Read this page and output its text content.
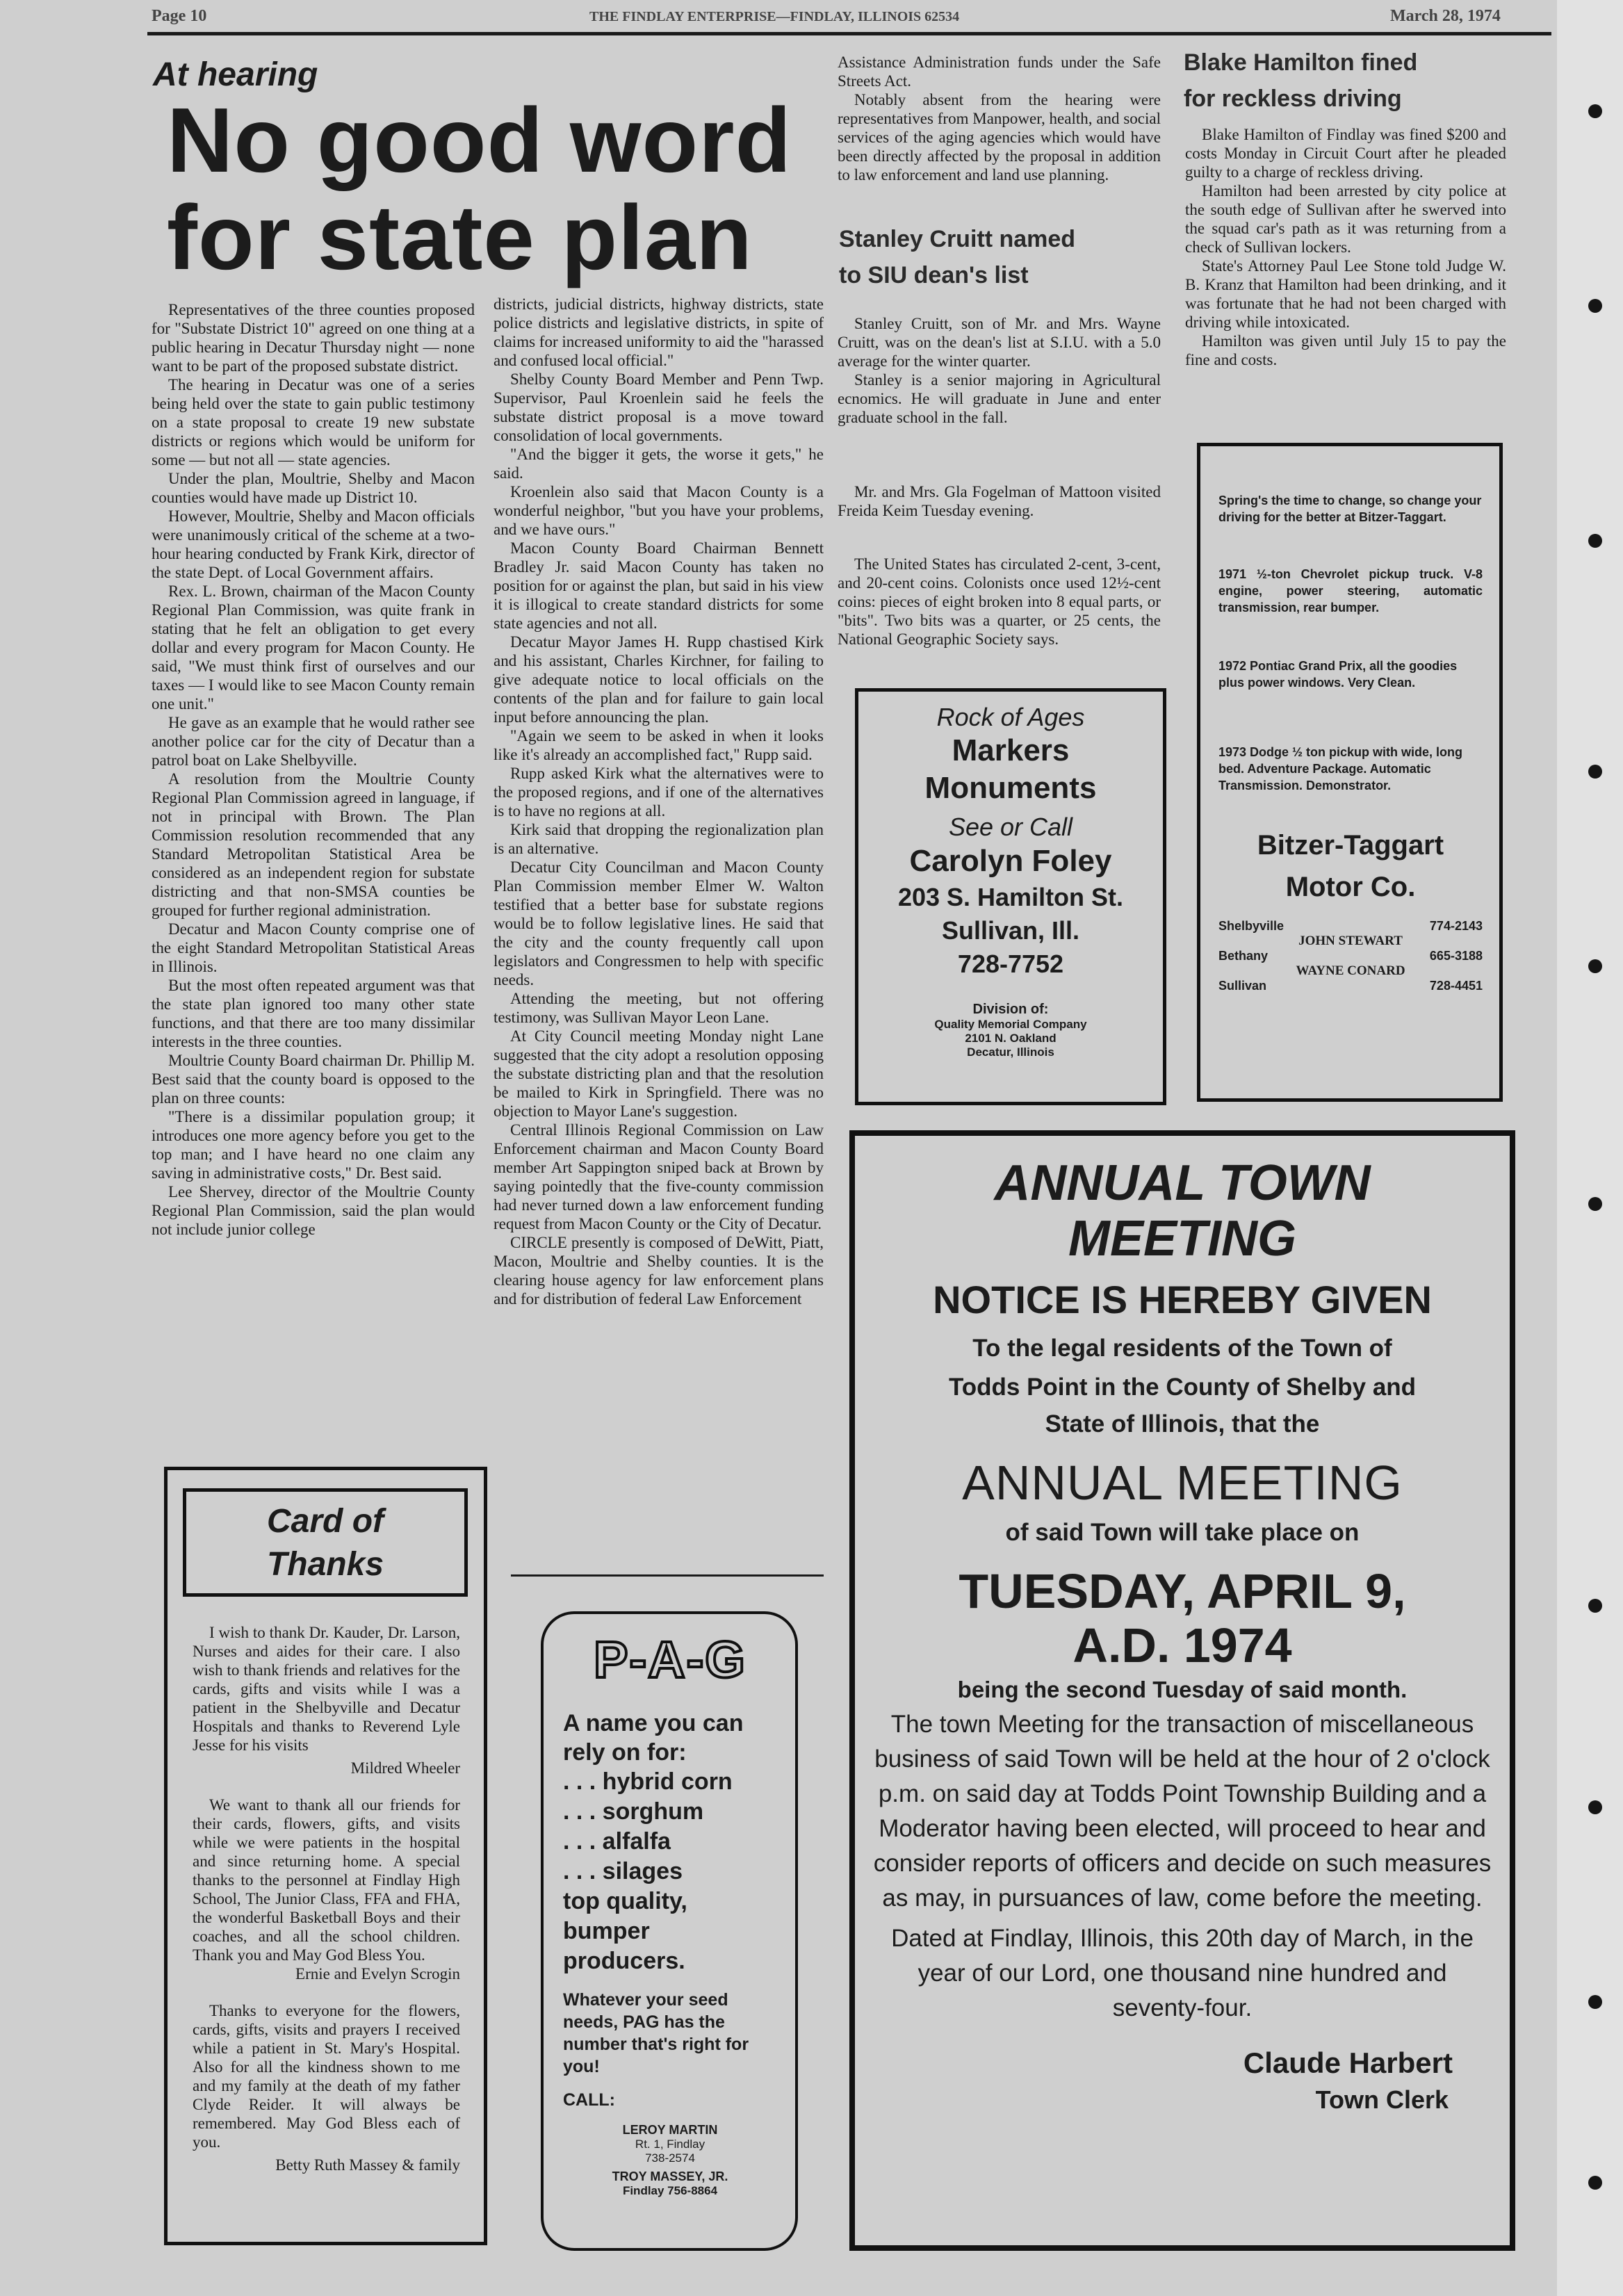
Page 10	THE FINDLAY ENTERPRISE—FINDLAY, ILLINOIS 62534	March 28, 1974
At hearing
No good word
for state plan

Representatives of the three counties proposed for "Substate District 10" agreed on one thing at a public hearing in Decatur Thursday night — none want to be part of the proposed substate district.

The hearing in Decatur was one of a series being held over the state to gain public testimony on a state proposal to create 19 new substate districts or regions which would be uniform for some — but not all — state agencies.

Under the plan, Moultrie, Shelby and Macon counties would have made up District 10.

However, Moultrie, Shelby and Macon officials were unanimously critical of the scheme at a two-hour hearing conducted by Frank Kirk, director of the state Dept. of Local Government affairs.

Rex. L. Brown, chairman of the Macon County Regional Plan Commission, was quite frank in stating that he felt an obligation to get every dollar and every program for Macon County. He said, "We must think first of ourselves and our taxes — I would like to see Macon County remain one unit."

He gave as an example that he would rather see another police car for the city of Decatur than a patrol boat on Lake Shelbyville.

A resolution from the Moultrie County Regional Plan Commission agreed in language, if not in principal with Brown. The Plan Commission resolution recommended that any Standard Metropolitan Statistical Area be considered as an independent region for substate districting and that non-SMSA counties be grouped for further regional administration.

Decatur and Macon County comprise one of the eight Standard Metropolitan Statistical Areas in Illinois.

But the most often repeated argument was that the state plan ignored too many other state functions, and that there are too many dissimilar interests in the three counties.

Moultrie County Board chairman Dr. Phillip M. Best said that the county board is opposed to the plan on three counts:

"There is a dissimilar population group; it introduces one more agency before you get to the top man; and I have heard no one claim any saving in administrative costs," Dr. Best said.

Lee Shervey, director of the Moultrie County Regional Plan Commission, said the plan would not include junior college

districts, judicial districts, highway districts, state police districts and legislative districts, in spite of claims for increased uniformity to aid the "harassed and confused local official."

Shelby County Board Member and Penn Twp. Supervisor, Paul Kroenlein said he feels the substate district proposal is a move toward consolidation of local governments.

"And the bigger it gets, the worse it gets," he said.

Kroenlein also said that Macon County is a wonderful neighbor, "but you have your problems, and we have ours."

Macon County Board Chairman Bennett Bradley Jr. said Macon County has taken no position for or against the plan, but said in his view it is illogical to create standard districts for some state agencies and not all.

Decatur Mayor James H. Rupp chastised Kirk and his assistant, Charles Kirchner, for failing to give adequate notice to local officials on the contents of the plan and for failure to gain local input before announcing the plan.

"Again we seem to be asked in when it looks like it's already an accomplished fact," Rupp said.

Rupp asked Kirk what the alternatives were to the proposed regions, and if one of the alternatives is to have no regions at all.

Kirk said that dropping the regionalization plan is an alternative.

Decatur City Councilman and Macon County Plan Commission member Elmer W. Walton testified that a better base for substate regions would be to follow legislative lines. He said that the city and the county frequently call upon legislators and Congressmen to help with specific needs.

Attending the meeting, but not offering testimony, was Sullivan Mayor Leon Lane.

At City Council meeting Monday night Lane suggested that the city adopt a resolution opposing the substate districting plan and that the resolution be mailed to Kirk in Springfield. There was no objection to Mayor Lane's suggestion.

Central Illinois Regional Commission on Law Enforcement chairman and Macon County Board member Art Sappington sniped back at Brown by saying pointedly that the five-county commission had never turned down a law enforcement funding request from Macon County or the City of Decatur.

CIRCLE presently is composed of DeWitt, Piatt, Macon, Moultrie and Shelby counties. It is the clearing house agency for law enforcement plans and for distribution of federal Law Enforcement

Assistance Administration funds under the Safe Streets Act.

Notably absent from the hearing were representatives from Manpower, health, and social services of the aging agencies which would have been directly affected by the proposal in addition to law enforcement and land use planning.

Stanley Cruitt named
to SIU dean's list

Stanley Cruitt, son of Mr. and Mrs. Wayne Cruitt, was on the dean's list at S.I.U. with a 5.0 average for the winter quarter.

Stanley is a senior majoring in Agricultural ecnomics. He will graduate in June and enter graduate school in the fall.

Mr. and Mrs. Gla Fogelman of Mattoon visited Freida Keim Tuesday evening.

The United States has circulated 2-cent, 3-cent, and 20-cent coins. Colonists once used 12½-cent coins: pieces of eight broken into 8 equal parts, or "bits". Two bits was a quarter, or 25 cents, the National Geographic Society says.

Rock of Ages
Markers
Monuments
See or Call
Carolyn Foley
203 S. Hamilton St.
Sullivan, Ill.
728-7752
Division of:
Quality Memorial Company
2101 N. Oakland
Decatur, Illinois
Blake Hamilton fined
for reckless driving

Blake Hamilton of Findlay was fined $200 and costs Monday in Circuit Court after he pleaded guilty to a charge of reckless driving.

Hamilton had been arrested by city police at the south edge of Sullivan after he swerved into the squad car's path as it was returning from a check of Sullivan lockers.

State's Attorney Paul Lee Stone told Judge W. B. Kranz that Hamilton had been drinking, and it was fortunate that he had not been charged with driving while intoxicated.

Hamilton was given until July 15 to pay the fine and costs.

Spring's the time to change, so change your driving for the better at Bitzer-Taggart.
1971 ½-ton Chevrolet pickup truck. V-8 engine, power steering, automatic transmission, rear bumper.
1972 Pontiac Grand Prix, all the goodies plus power windows. Very Clean.
1973 Dodge ½ ton pickup with wide, long bed. Adventure Package. Automatic Transmission. Demonstrator.
Bitzer-Taggart
Motor Co.
Shelbyville	774-2143
JOHN STEWART
Bethany	665-3188
WAYNE CONARD
Sullivan	728-4451
Card of
Thanks

I wish to thank Dr. Kauder, Dr. Larson, Nurses and aides for their care. I also wish to thank friends and relatives for the cards, gifts and visits while I was a patient in the Shelbyville and Decatur Hospitals and thanks to Reverend Lyle Jesse for his visits

Mildred Wheeler

We want to thank all our friends for their cards, flowers, gifts, and visits while we were patients in the hospital and since returning home. A special thanks to the personnel at Findlay High School, The Junior Class, FFA and FHA, the wonderful Basketball Boys and their coaches, and all the school children. Thank you and May God Bless You.

Ernie and Evelyn Scrogin

Thanks to everyone for the flowers, cards, gifts, visits and prayers I received while a patient in St. Mary's Hospital. Also for all the kindness shown to me and my family at the death of my father Clyde Reider. It will always be remembered. May God Bless each of you.

Betty Ruth Massey & family
P-A-G
A name you can rely on for:
. . . hybrid corn
. . . sorghum
. . . alfalfa
. . . silages
top quality, bumper producers.
Whatever your seed needs, PAG has the number that's right for you!
CALL:
LEROY MARTIN
Rt. 1, Findlay
738-2574
TROY MASSEY, JR.
Findlay 756-8864
ANNUAL TOWN
MEETING
NOTICE IS HEREBY GIVEN
To the legal residents of the Town of
Todds Point in the County of Shelby and
State of Illinois, that the
ANNUAL MEETING
of said Town will take place on
TUESDAY, APRIL 9,
A.D. 1974
being the second Tuesday of said month.
The town Meeting for the transaction of miscellaneous business of said Town will be held at the hour of 2 o'clock p.m. on said day at Todds Point Township Building and a Moderator having been elected, will proceed to hear and consider reports of officers and decide on such measures as may, in pursuances of law, come before the meeting.
Dated at Findlay, Illinois, this 20th day of March, in the year of our Lord, one thousand nine hundred and seventy-four.
Claude Harbert
Town Clerk
